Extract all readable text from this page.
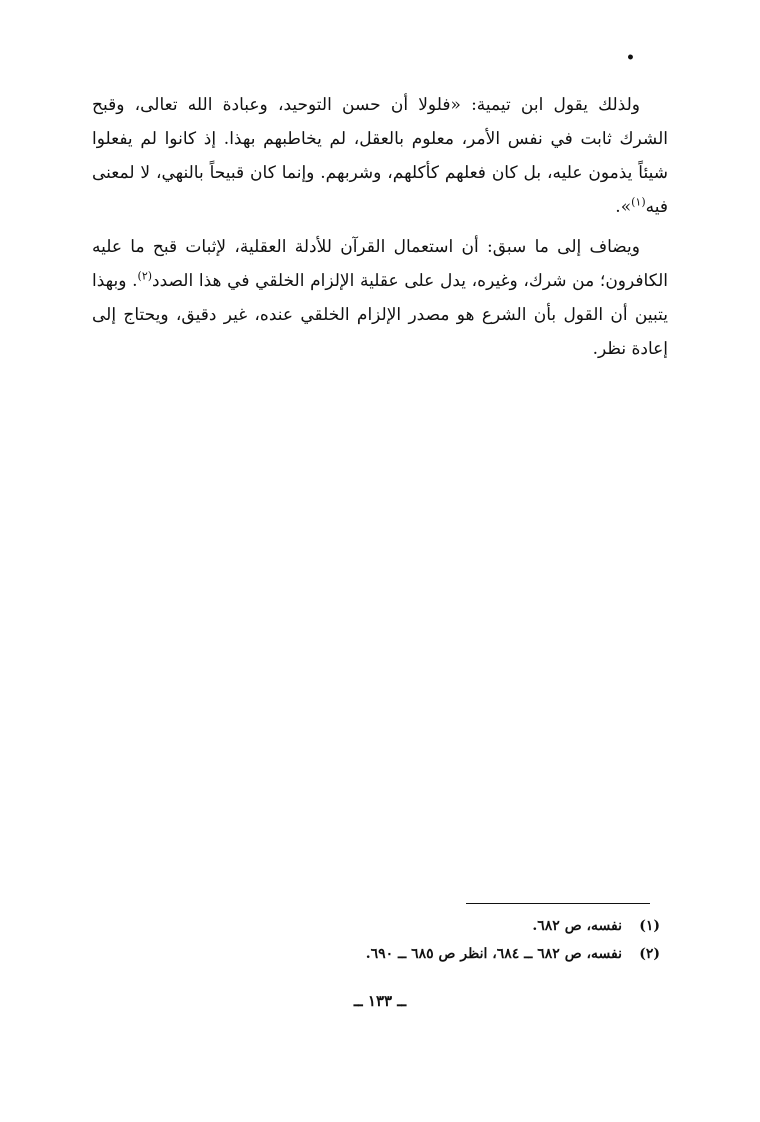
•

ولذلك يقول ابن تيمية: «فلولا أن حسن التوحيد، وعبادة الله تعالى، وقبح الشرك ثابت في نفس الأمر، معلوم بالعقل، لم يخاطبهم بهذا. إذ كانوا لم يفعلوا شيئاً يذمون عليه، بل كان فعلهم كأكلهم، وشربهم. وإنما كان قبيحاً بالنهي، لا لمعنى فيه$^{(١)}$».

ويضاف إلى ما سبق: أن استعمال القرآن للأدلة العقلية، لإثبات قبح ما عليه الكافرون؛ من شرك، وغيره، يدل على عقلية الإلزام الخلقي في هذا الصدد$^{(٢)}$. وبهذا يتبين أن القول بأن الشرع هو مصدر الإلزام الخلقي عنده، غير دقيق، ويحتاج إلى إعادة نظر.

(١)
نفسه، ص ٦٨٢.
(٢)
نفسه، ص ٦٨٢ ــ ٦٨٤، انظر ص ٦٨٥ ــ ٦٩٠.
ــ ١٣٣ ــ
